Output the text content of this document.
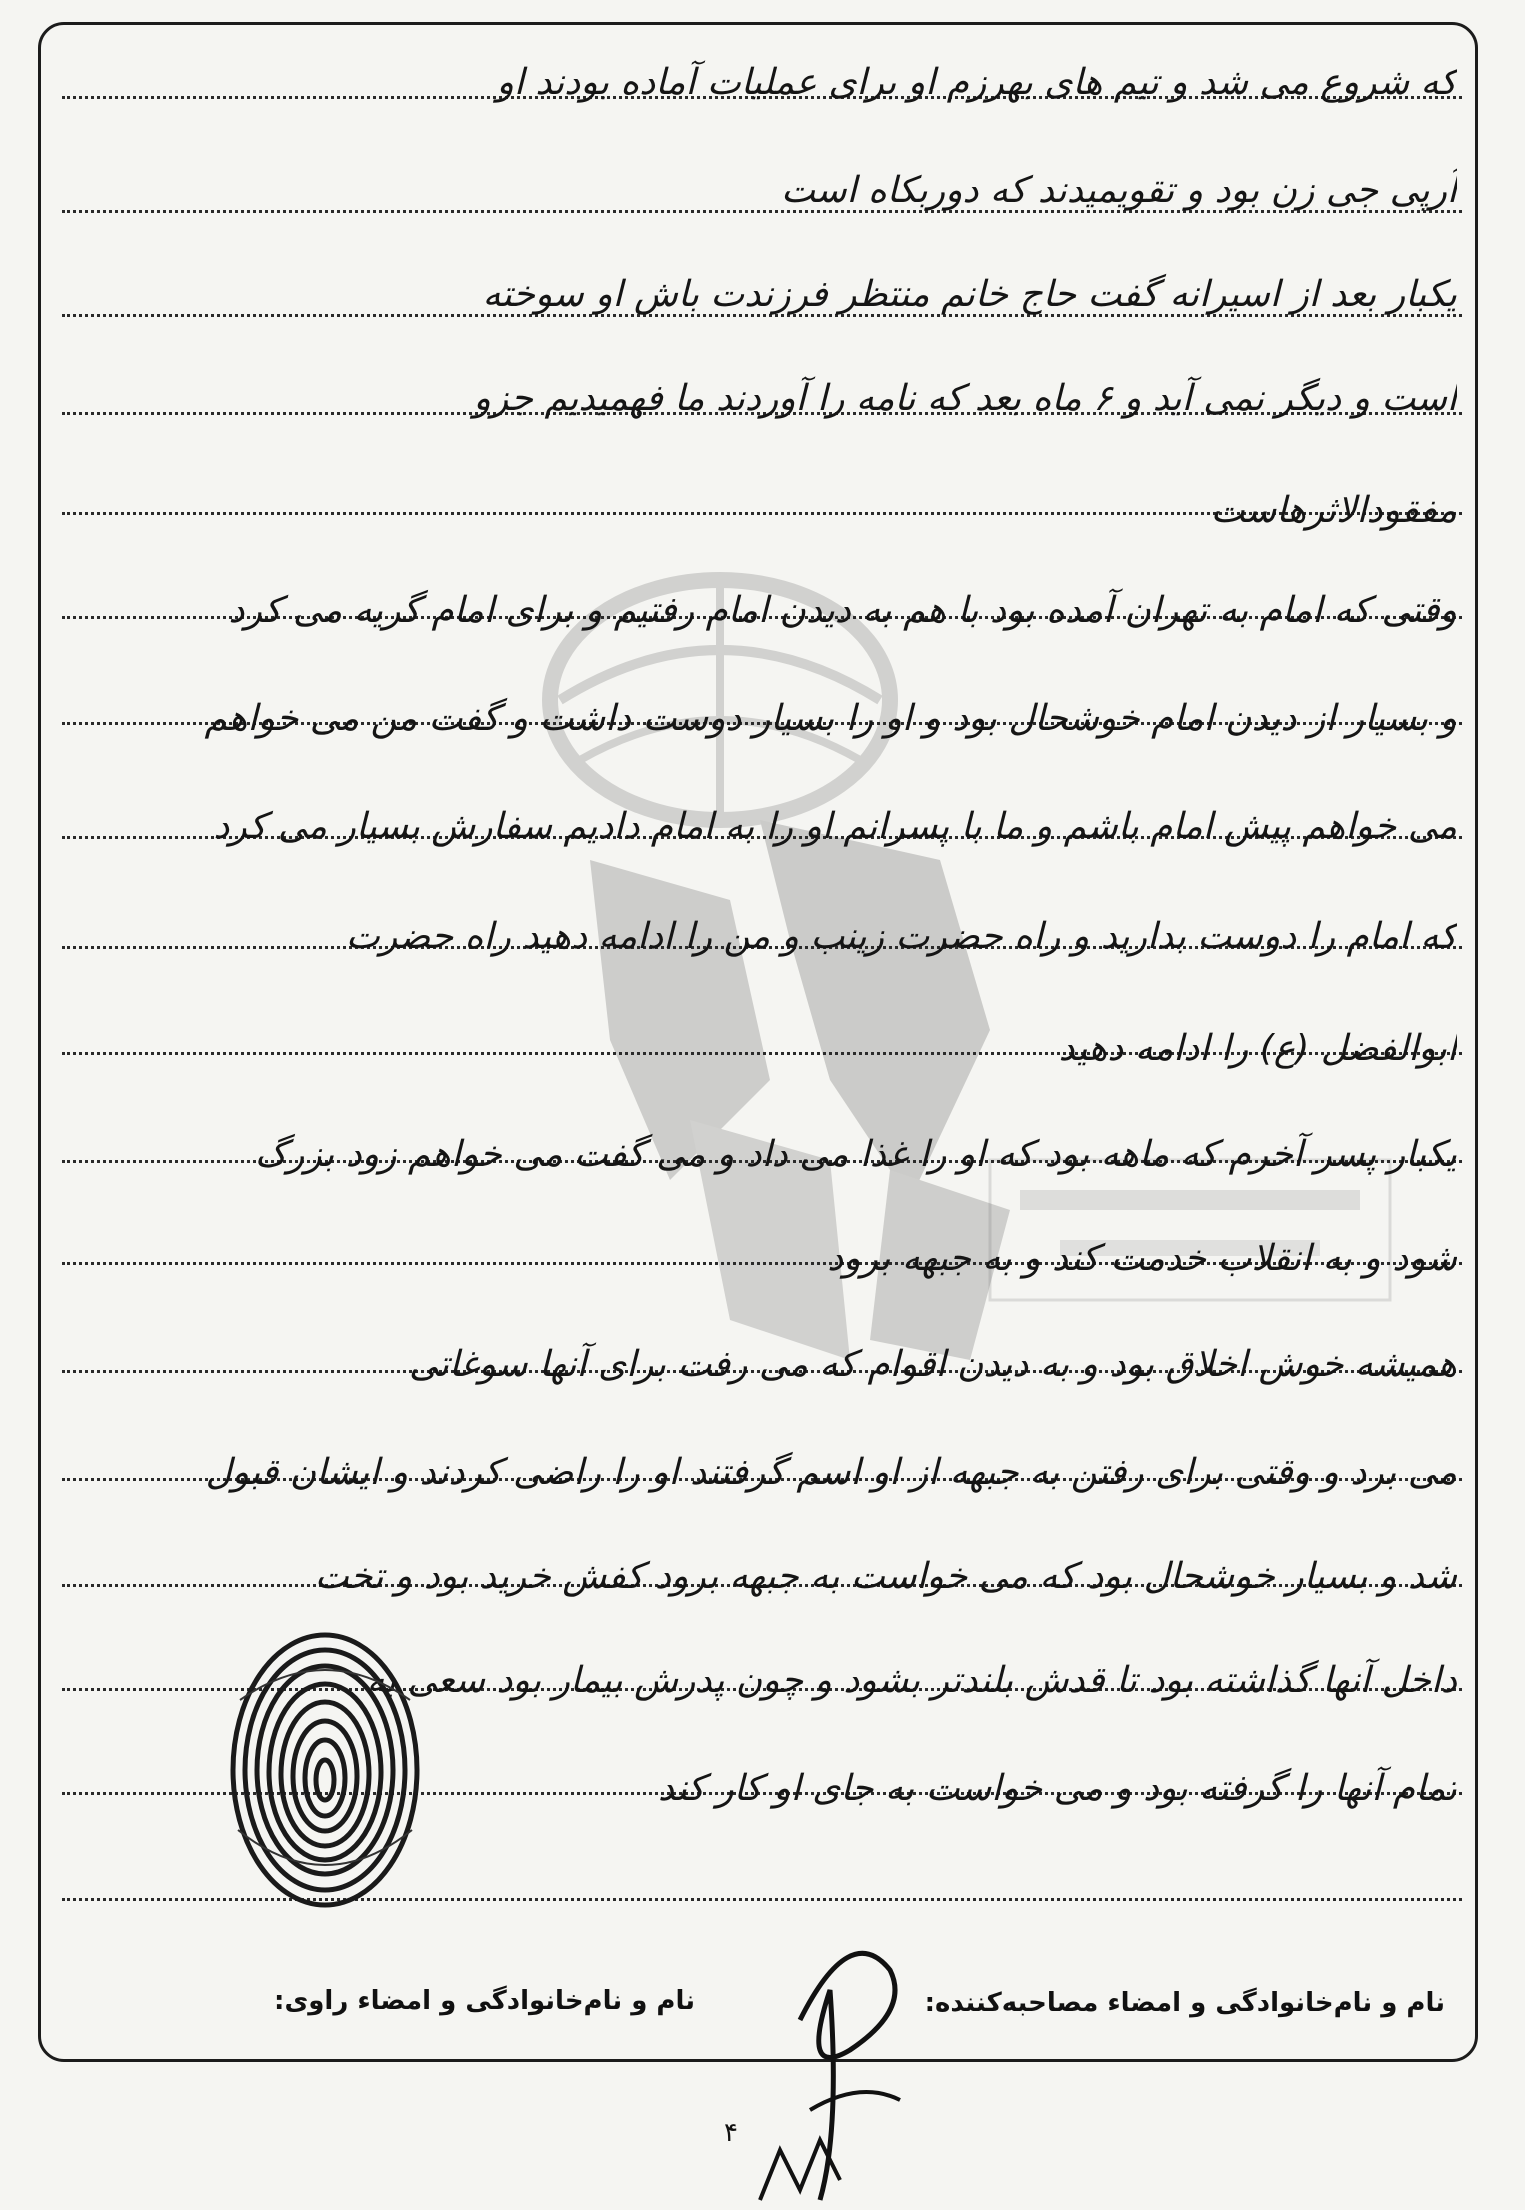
که شروع می شد و تیم های بهرزم او برای عملیات آماده بودند او
آرپی جی زن بود و تقویمیدند که دوربکاه است
یکبار بعد از اسیرانه گفت حاج خانم منتظر فرزندت باش او سوخته
است و دیگر نمی آید و ۶ ماه بعد که نامه را آوردند ما فهمیدیم جزو
مفقودالاثرهاست
وقتی که امام به تهران آمده بود با هم به دیدن امام رفتیم و برای امام گریه می کرد
و بسیار از دیدن امام خوشحال بود و او را بسیار دوست داشت و گفت من می خواهم
می خواهم پیش امام باشم و ما با پسرانم او را به امام دادیم سفارش بسیار می کرد
که امام را دوست بدارید و راه حضرت زینب و من را ادامه دهید راه حضرت
ابوالفضل (ع) را ادامه دهید
یکبار پسر آخرم که ماهه بود که او را غذا می داد و می گفت می خواهم زود بزرگ
شود و به انقلاب خدمت کند و به جبهه برود
همیشه خوش اخلاق بود و به دیدن اقوام که می رفت برای آنها سوغاتی
می برد و وقتی برای رفتن به جبهه از او اسم گرفتند او را راضی کردند و ایشان قبول
شد و بسیار خوشحال بود که می خواست به جبهه برود کفش خرید بود و تخت
داخل آنها گذاشته بود تا قدش بلندتر بشود و چون پدرش بیمار بود سعی به
تمام آنها را گرفته بود و می خواست به جای او کار کند
نام و نام‌خانوادگی و امضاء مصاحبه‌کننده:
نام و نام‌خانوادگی و امضاء راوی:
۴
